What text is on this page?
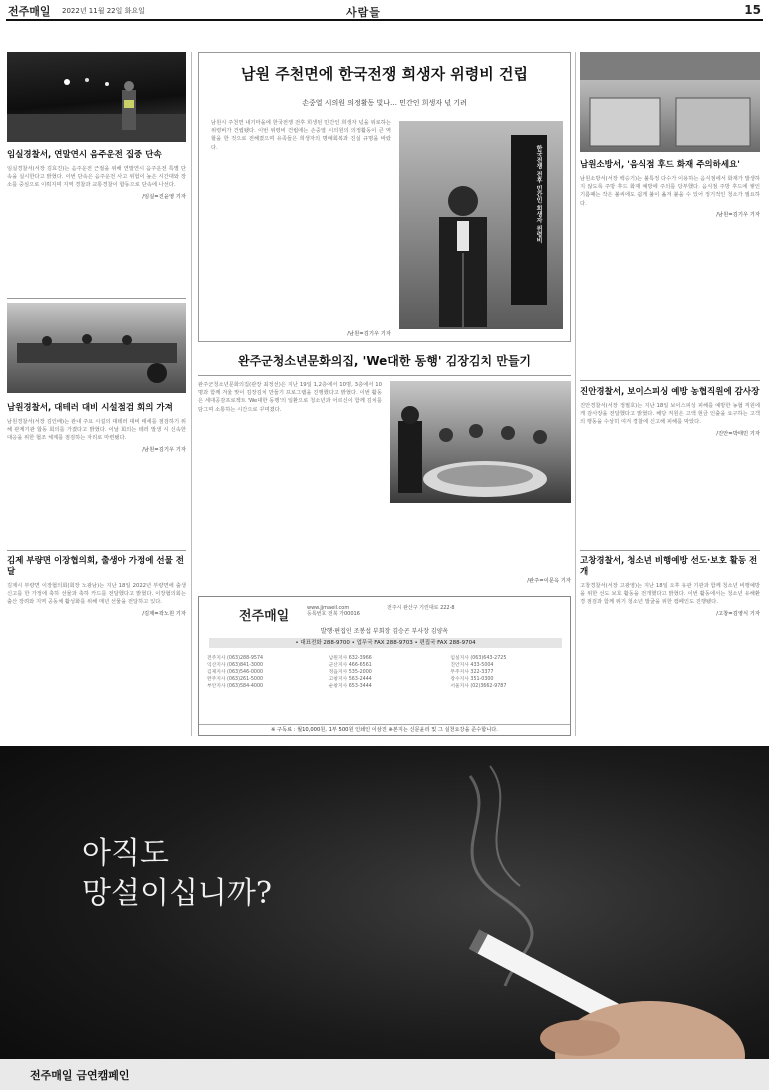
전주매일 2022년 11월 22일 화요일	사람들	15
임실경찰서, 연말연시 음주운전 집중 단속
임실경찰서(서장 김효진)는 음주운전 근절을 위해 연말연시 음주운전 특별 단속을 실시한다고 밝혔다. 이번 단속은 음주운전 사고 위험이 높은 시간대와 장소를 중심으로 이뤄지며 지역 경찰과 교통경찰이 합동으로 단속에 나선다.
/임실=진윤영 기자
남원경찰서, 대테러 대비 시설점검 회의 가져
남원경찰서(서장 김인배)는 관내 주요 시설의 대테러 대비 태세를 점검하기 위해 관계기관 합동 회의를 가졌다고 밝혔다. 이날 회의는 테러 발생 시 신속한 대응을 위한 협조 체계를 점검하는 자리로 마련됐다.
/남원=김기우 기자
김제 부량면 이장협의회, 출생아 가정에 선물 전달
김제시 부량면 이장협의회(회장 노광남)는 지난 18일 2022년 부량면에 출생신고를 한 가정에 축하 선물과 축하 카드를 전달했다고 밝혔다. 이장협의회는 출산 장려와 지역 공동체 활성화를 위해 매년 선물을 전달하고 있다.
/김제=곽노원 기자
남원 주천면에 한국전쟁 희생자 위령비 건립
손중열 시의원 의정활동 빛나… 민간인 희생자 넋 기려
남원시 주천면 내기마을에 한국전쟁 전후 희생된 민간인 희생자 넋을 위로하는 위령비가 건립됐다. 이번 위령비 건립에는 손중열 시의원의 의정활동이 큰 역할을 한 것으로 전해졌으며 유족들은 희생자의 명예회복과 진실 규명을 바랐다.
/남원=김기우 기자
한국전쟁 전후 민간인 희생자 위령비
완주군청소년문화의집, 'We대한 동행' 김장김치 만들기
완주군청소년문화의집(관장 최정선)은 지난 19일 1,2층에서 10명, 3층에서 10명과 함께 겨울 맞이 김장김치 만들기 프로그램을 진행했다고 밝혔다. 이번 활동은 세대공감프로젝트 'We대한 동행'의 일환으로 청소년과 어르신이 함께 김치를 담그며 소통하는 시간으로 꾸며졌다.
/완주=이문옥 기자
전주매일
www.jjmaeil.com
등록번호 전북 가00016
전주시 완산구 기린대로 222-8
발행·편집인 조봉섭 부회장 김승곤 부사장 김양옥
• 대표전화 288-9700 • 업무국 FAX 288-9703 • 편집국 FAX 288-9704
전주지사 (063)288-9574	남원지사 632-3966	임실지사 (063)643-2725
익산지사 (063)841-3000	군산지사 466-6561	진안지사 433-5004
김제지사 (063)546-0000	정읍지사 535-2000	무주지사 322-3377
완주지사 (063)261-5000	고창지사 563-2444	장수지사 351-0300
부안지사 (063)584-4000	순창지사 653-3444	서울지사 (02)3662-9787
※ 구독료 : 월10,000원, 1부 500원 인쇄인 이삼진 ※본지는 신문윤리 및 그 실천요강을 준수합니다.
남원소방서, '음식점 후드 화재 주의하세요'
남원소방서(서장 백승기)는 불특정 다수가 이용하는 음식점에서 화재가 발생하지 않도록 주방 후드 화재 예방에 주의를 당부했다. 음식점 주방 후드에 쌓인 기름때는 작은 불씨에도 쉽게 불이 옮겨 붙을 수 있어 정기적인 청소가 필요하다.
/남원=김기우 기자
진안경찰서, 보이스피싱 예방 농협직원에 감사장
진안경찰서(서장 정필호)는 지난 18일 보이스피싱 피해를 예방한 농협 직원에게 감사장을 전달했다고 밝혔다. 해당 직원은 고액 현금 인출을 요구하는 고객의 행동을 수상히 여겨 경찰에 신고해 피해를 막았다.
/진안=박태민 기자
고창경찰서, 청소년 비행예방 선도·보호 활동 전개
고창경찰서(서장 고광영)는 지난 18일 오후 유관 기관과 함께 청소년 비행예방을 위한 선도 보호 활동을 전개했다고 밝혔다. 이번 활동에서는 청소년 유해환경 점검과 함께 위기 청소년 발굴을 위한 캠페인도 진행됐다.
/고창=김영식 기자
아직도
망설이십니까?
전주매일 금연캠페인
